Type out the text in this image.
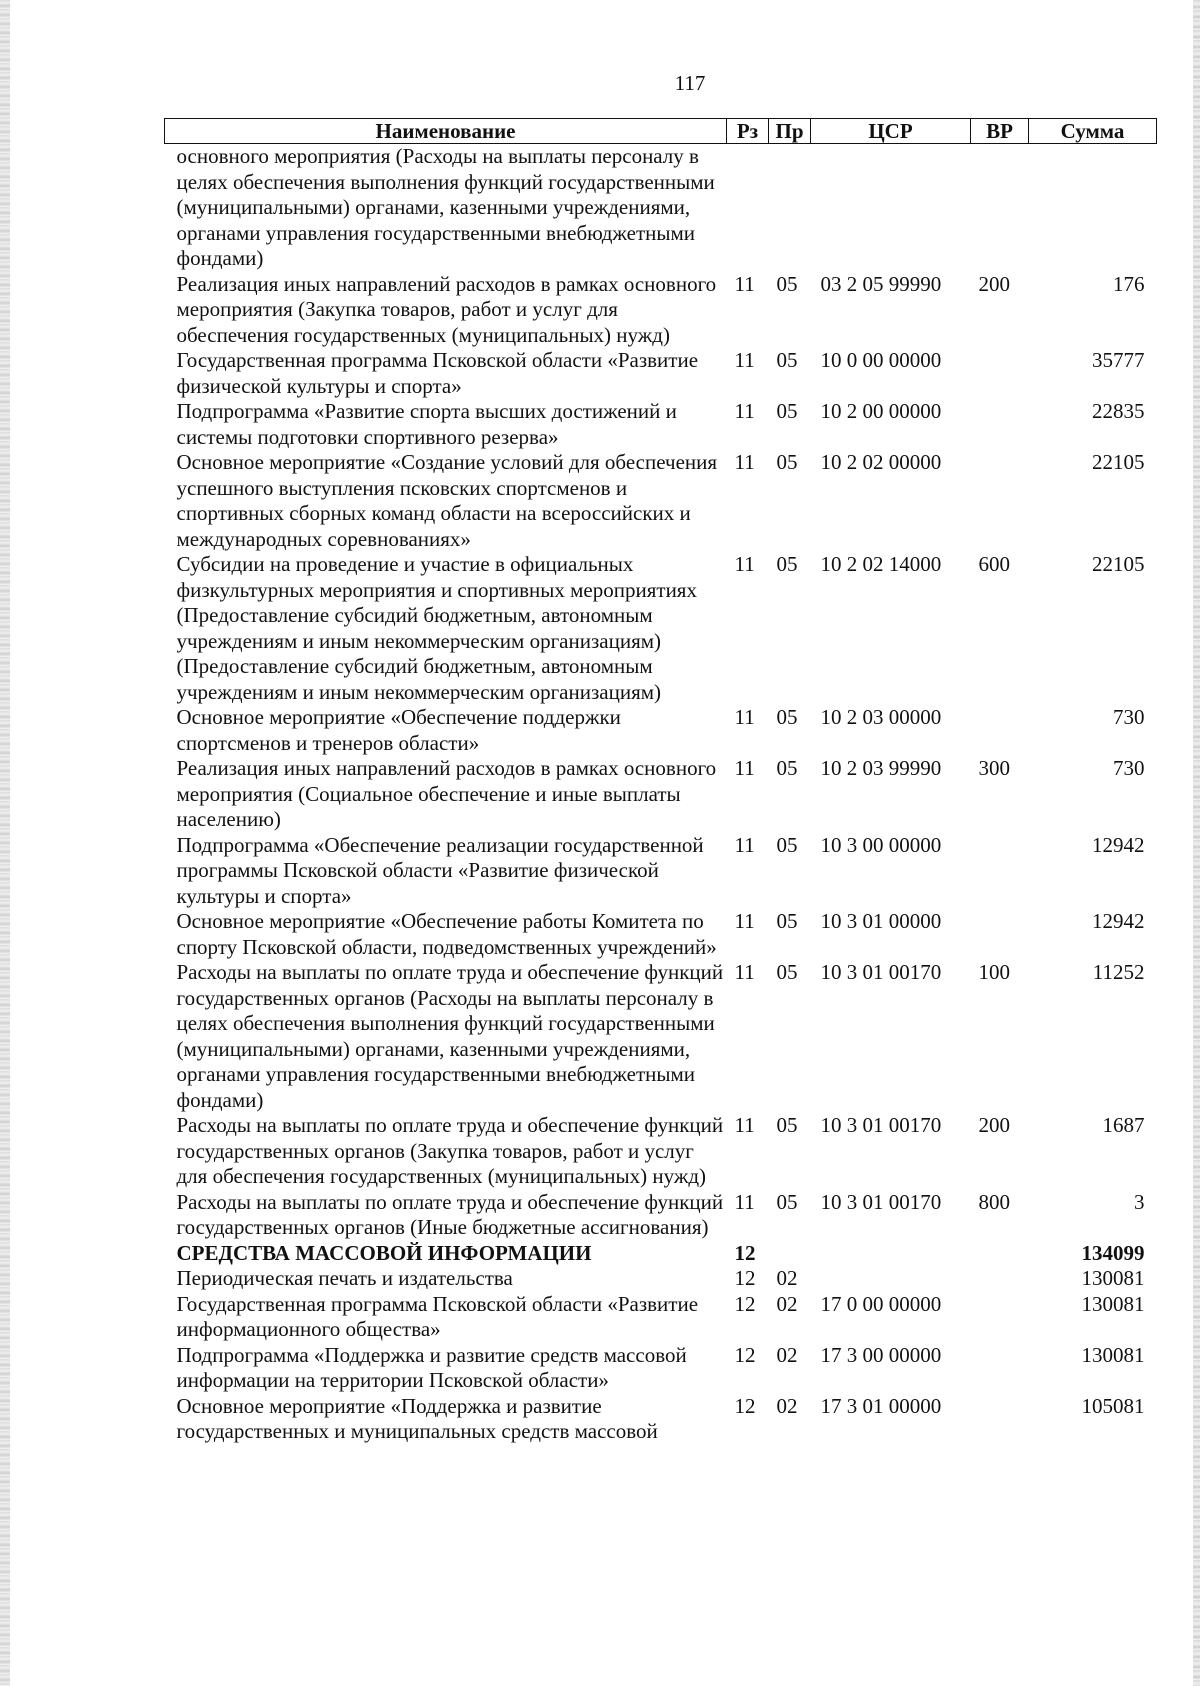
117
Наименование	Рз	Пр	ЦСР	ВР	Сумма
основного мероприятия (Расходы на выплаты персоналу в целях обеспечения выполнения функций государственными (муниципальными) органами, казенными учреждениями, органами управления государственными внебюджетными фондами)					
Реализация иных направлений расходов в рамках основного мероприятия (Закупка товаров, работ и услуг для обеспечения государственных (муниципальных) нужд)	11	05	03 2 05 99990	200	176
Государственная программа Псковской области «Развитие физической культуры и спорта»	11	05	10 0 00 00000		35777
Подпрограмма «Развитие спорта высших достижений и системы подготовки спортивного резерва»	11	05	10 2 00 00000		22835
Основное мероприятие «Создание условий для обеспечения успешного выступления псковских спортсменов и спортивных сборных команд области на всероссийских и международных соревнованиях»	11	05	10 2 02 00000		22105
Субсидии на проведение и участие в официальных физкультурных мероприятия и спортивных мероприятиях (Предоставление субсидий бюджетным, автономным учреждениям и иным некоммерческим организациям) (Предоставление субсидий бюджетным, автономным учреждениям и иным некоммерческим организациям)	11	05	10 2 02 14000	600	22105
Основное мероприятие «Обеспечение поддержки спортсменов и тренеров области»	11	05	10 2 03 00000		730
Реализация иных направлений расходов в рамках основного мероприятия (Социальное обеспечение и иные выплаты населению)	11	05	10 2 03 99990	300	730
Подпрограмма «Обеспечение реализации государственной программы Псковской области «Развитие физической культуры и спорта»	11	05	10 3 00 00000		12942
Основное мероприятие «Обеспечение работы Комитета по спорту Псковской области, подведомственных учреждений»	11	05	10 3 01 00000		12942
Расходы на выплаты по оплате труда и обеспечение функций государственных органов (Расходы на выплаты персоналу в целях обеспечения выполнения функций государственными (муниципальными) органами, казенными учреждениями, органами управления государственными внебюджетными фондами)	11	05	10 3 01 00170	100	11252
Расходы на выплаты по оплате труда и обеспечение функций государственных органов (Закупка товаров, работ и услуг для обеспечения государственных (муниципальных) нужд)	11	05	10 3 01 00170	200	1687
Расходы на выплаты по оплате труда и обеспечение функций государственных органов (Иные бюджетные ассигнования)	11	05	10 3 01 00170	800	3
СРЕДСТВА МАССОВОЙ ИНФОРМАЦИИ	12				134099
Периодическая печать и издательства	12	02			130081
Государственная программа Псковской области «Развитие информационного общества»	12	02	17 0 00 00000		130081
Подпрограмма «Поддержка и развитие средств массовой информации на территории Псковской области»	12	02	17 3 00 00000		130081
Основное мероприятие «Поддержка и развитие государственных и муниципальных средств массовой	12	02	17 3 01 00000		105081
